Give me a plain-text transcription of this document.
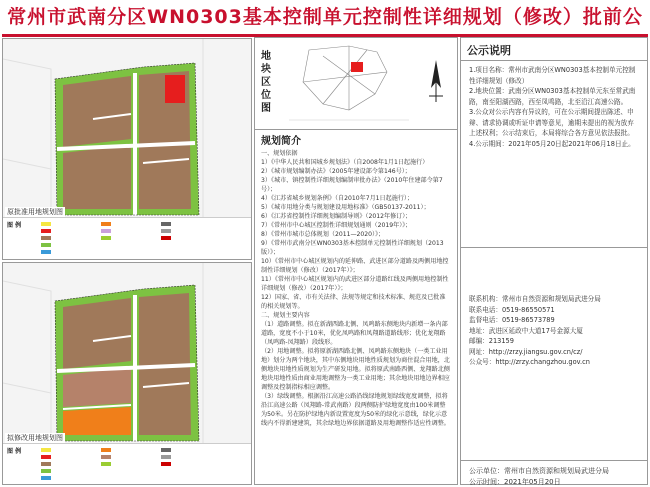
常州市武南分区WN0303基本控制单元控制性详细规划（修改）批前公
原批准用地规划图
图 例
拟修改用地规划图
图 例
地块区位图
规划简介

一、规划依据

1）《中华人民共和国城乡规划法》（自2008年1月1日起施行）

2）《城市规划编制办法》（2005年建设部令第146号）；

3）《城市、镇控制性详细规划编制审批办法》（2010年住建部令第7号）；

4）《江苏省城乡规划条例》（自2010年7月1日起施行）；

5）《城市用地分类与规划建设用地标准》（GB50137-2011）；

6）《江苏省控制性详细规划编制导则》（2012年修订）；

7）《常州市中心城区控制性详细规划通则（2019年）》；

8）《常州市城市总体规划（2011—2020）》；

9）《常州市武南分区WN0303基本控制单元控制性详细规划（2013版）》；

10）《常州市中心城区规划内的延伸路、武进区部分道路及两侧用地控制性详细规划（修改）（2017年）》；

11）《常州市中心城区规划内的武进区部分道路红线及两侧用地控制性详细规划（修改）（2017年）》；

12）国家、省、市有关法律、法规等规定和技术标准、规范及已批准的相关规划等。

二、规划主要内容

（1）道路调整。拟在新湖西路北侧、凤鸣路东侧地块内新增一条内部道路，宽度不小于10米，优化凤鸣路和凤翔路道路线形；优化龙翔路（凤鸣路-凤翔路）段线形。

（2）用地调整。拟将原新湖西路北侧、凤鸣路东侧地块（一类工业用地）划分为两个地块，其中东侧地块用地性质规划为商住混合用地，北侧地块用地性质规划为生产研发用地。拟将原武南路西侧、龙翔路北侧地块用地性质由商业用地调整为一类工业用地；其余地块用地边界相应调整及控制指标相应调整。

（3）绿线调整。根据沿江高速公路沿线绿地规划绿线宽度调整，拟将沿江高速公路（凤翔路-常武南路）段两侧防护绿地宽度由100米调整为50米。另在防护绿地内新设置宽度为50米的绿化示意线，绿化示意线内不得新建建筑，其余绿地边界依据道路及用地调整作适应性调整。

公示说明

1.项目名称：常州市武南分区WN0303基本控制单元控制性详细规划（修改）

2.地块位置：武南分区WN0303基本控制单元东至常武南路，南至阳湖西路，西至凤鸣路，北至沿江高速公路。

3.公众对公示内容有异议的，可在公示期间提出陈述、申辩、请求协调或听证申请等意见，逾期未提出的视为放弃上述权利；公示结束后，本局将综合各方意见依法报批。

4.公示期间：2021年05月20日起2021年06月18日止。

联系机构：常州市自然资源和规划局武进分局

联系电话：0519-86550571

监督电话：0519-86573789

地址：武进区延政中大道17号金源大厦

邮编：213159

网址：http://zrzy.jiangsu.gov.cn/cz/

公众号：http://zrzy.changzhou.gov.cn

公示单位：常州市自然资源和规划局武进分局

公示时间：2021年05月20日
